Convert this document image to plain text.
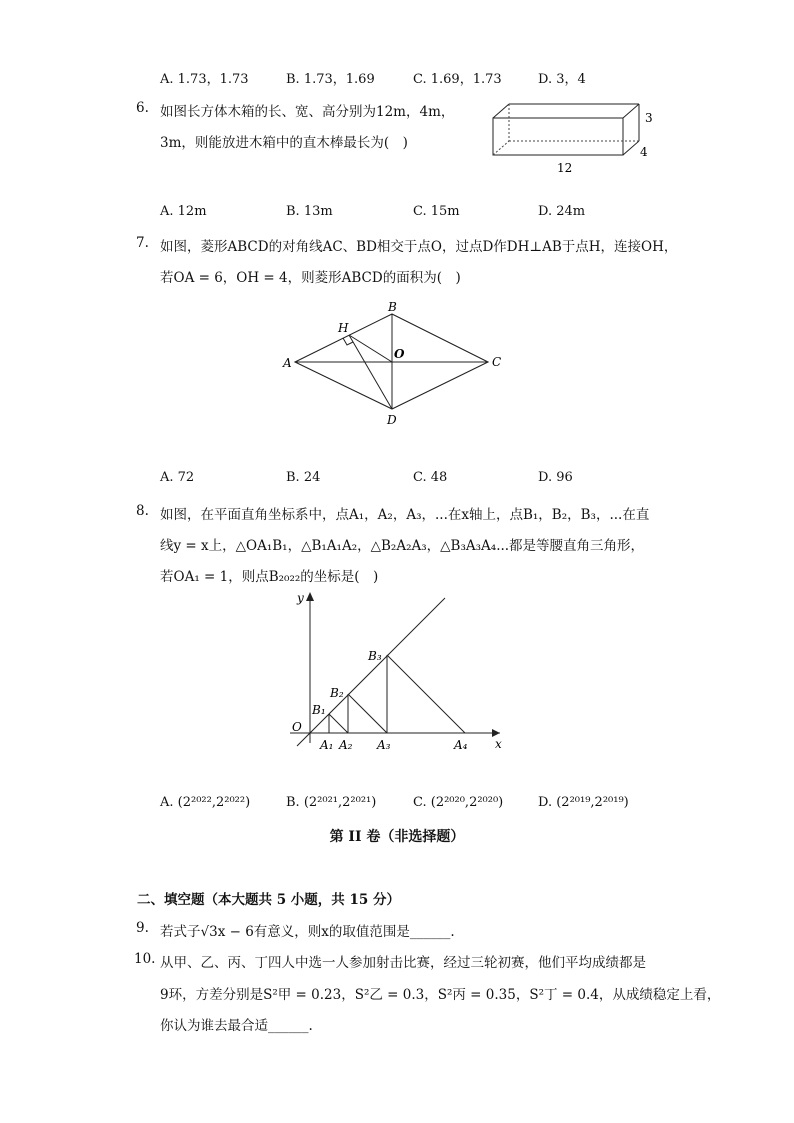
A. 1.73，1.73	B. 1.73，1.69	C. 1.69，1.73	D. 3，4
6. 如图长方体木箱的长、宽、高分别为12m，4m，
3m，则能放进木箱中的直木棒最长为(　)
3
4
12
A. 12m	B. 13m	C. 15m	D. 24m
7. 如图，菱形ABCD的对角线AC、BD相交于点O，过点D作DH⊥AB于点H，连接OH，
若OA = 6，OH = 4，则菱形ABCD的面积为(　)
A
B
C
D
H
O
A. 72	B. 24	C. 48	D. 96
8. 如图，在平面直角坐标系中，点A₁，A₂，A₃，...在x轴上，点B₁，B₂，B₃，...在直
线y = x上，△OA₁B₁，△B₁A₁A₂，△B₂A₂A₃，△B₃A₃A₄...都是等腰直角三角形，
若OA₁ = 1，则点B₂₀₂₂的坐标是(　)
y
x
O
B₁
B₂
B₃
A₁ A₂ A₃	A₄
A. (2²⁰²²,2²⁰²²)	B. (2²⁰²¹,2²⁰²¹)	C. (2²⁰²⁰,2²⁰²⁰)	D. (2²⁰¹⁹,2²⁰¹⁹)
第 II 卷（非选择题）
二、填空题（本大题共 5 小题，共 15 分）
9. 若式子√3x − 6有意义，则x的取值范围是______.
10. 从甲、乙、丙、丁四人中选一人参加射击比赛，经过三轮初赛，他们平均成绩都是
9环，方差分别是S²甲 = 0.23，S²乙 = 0.3，S²丙 = 0.35，S²丁 = 0.4，从成绩稳定上看，
你认为谁去最合适______.
